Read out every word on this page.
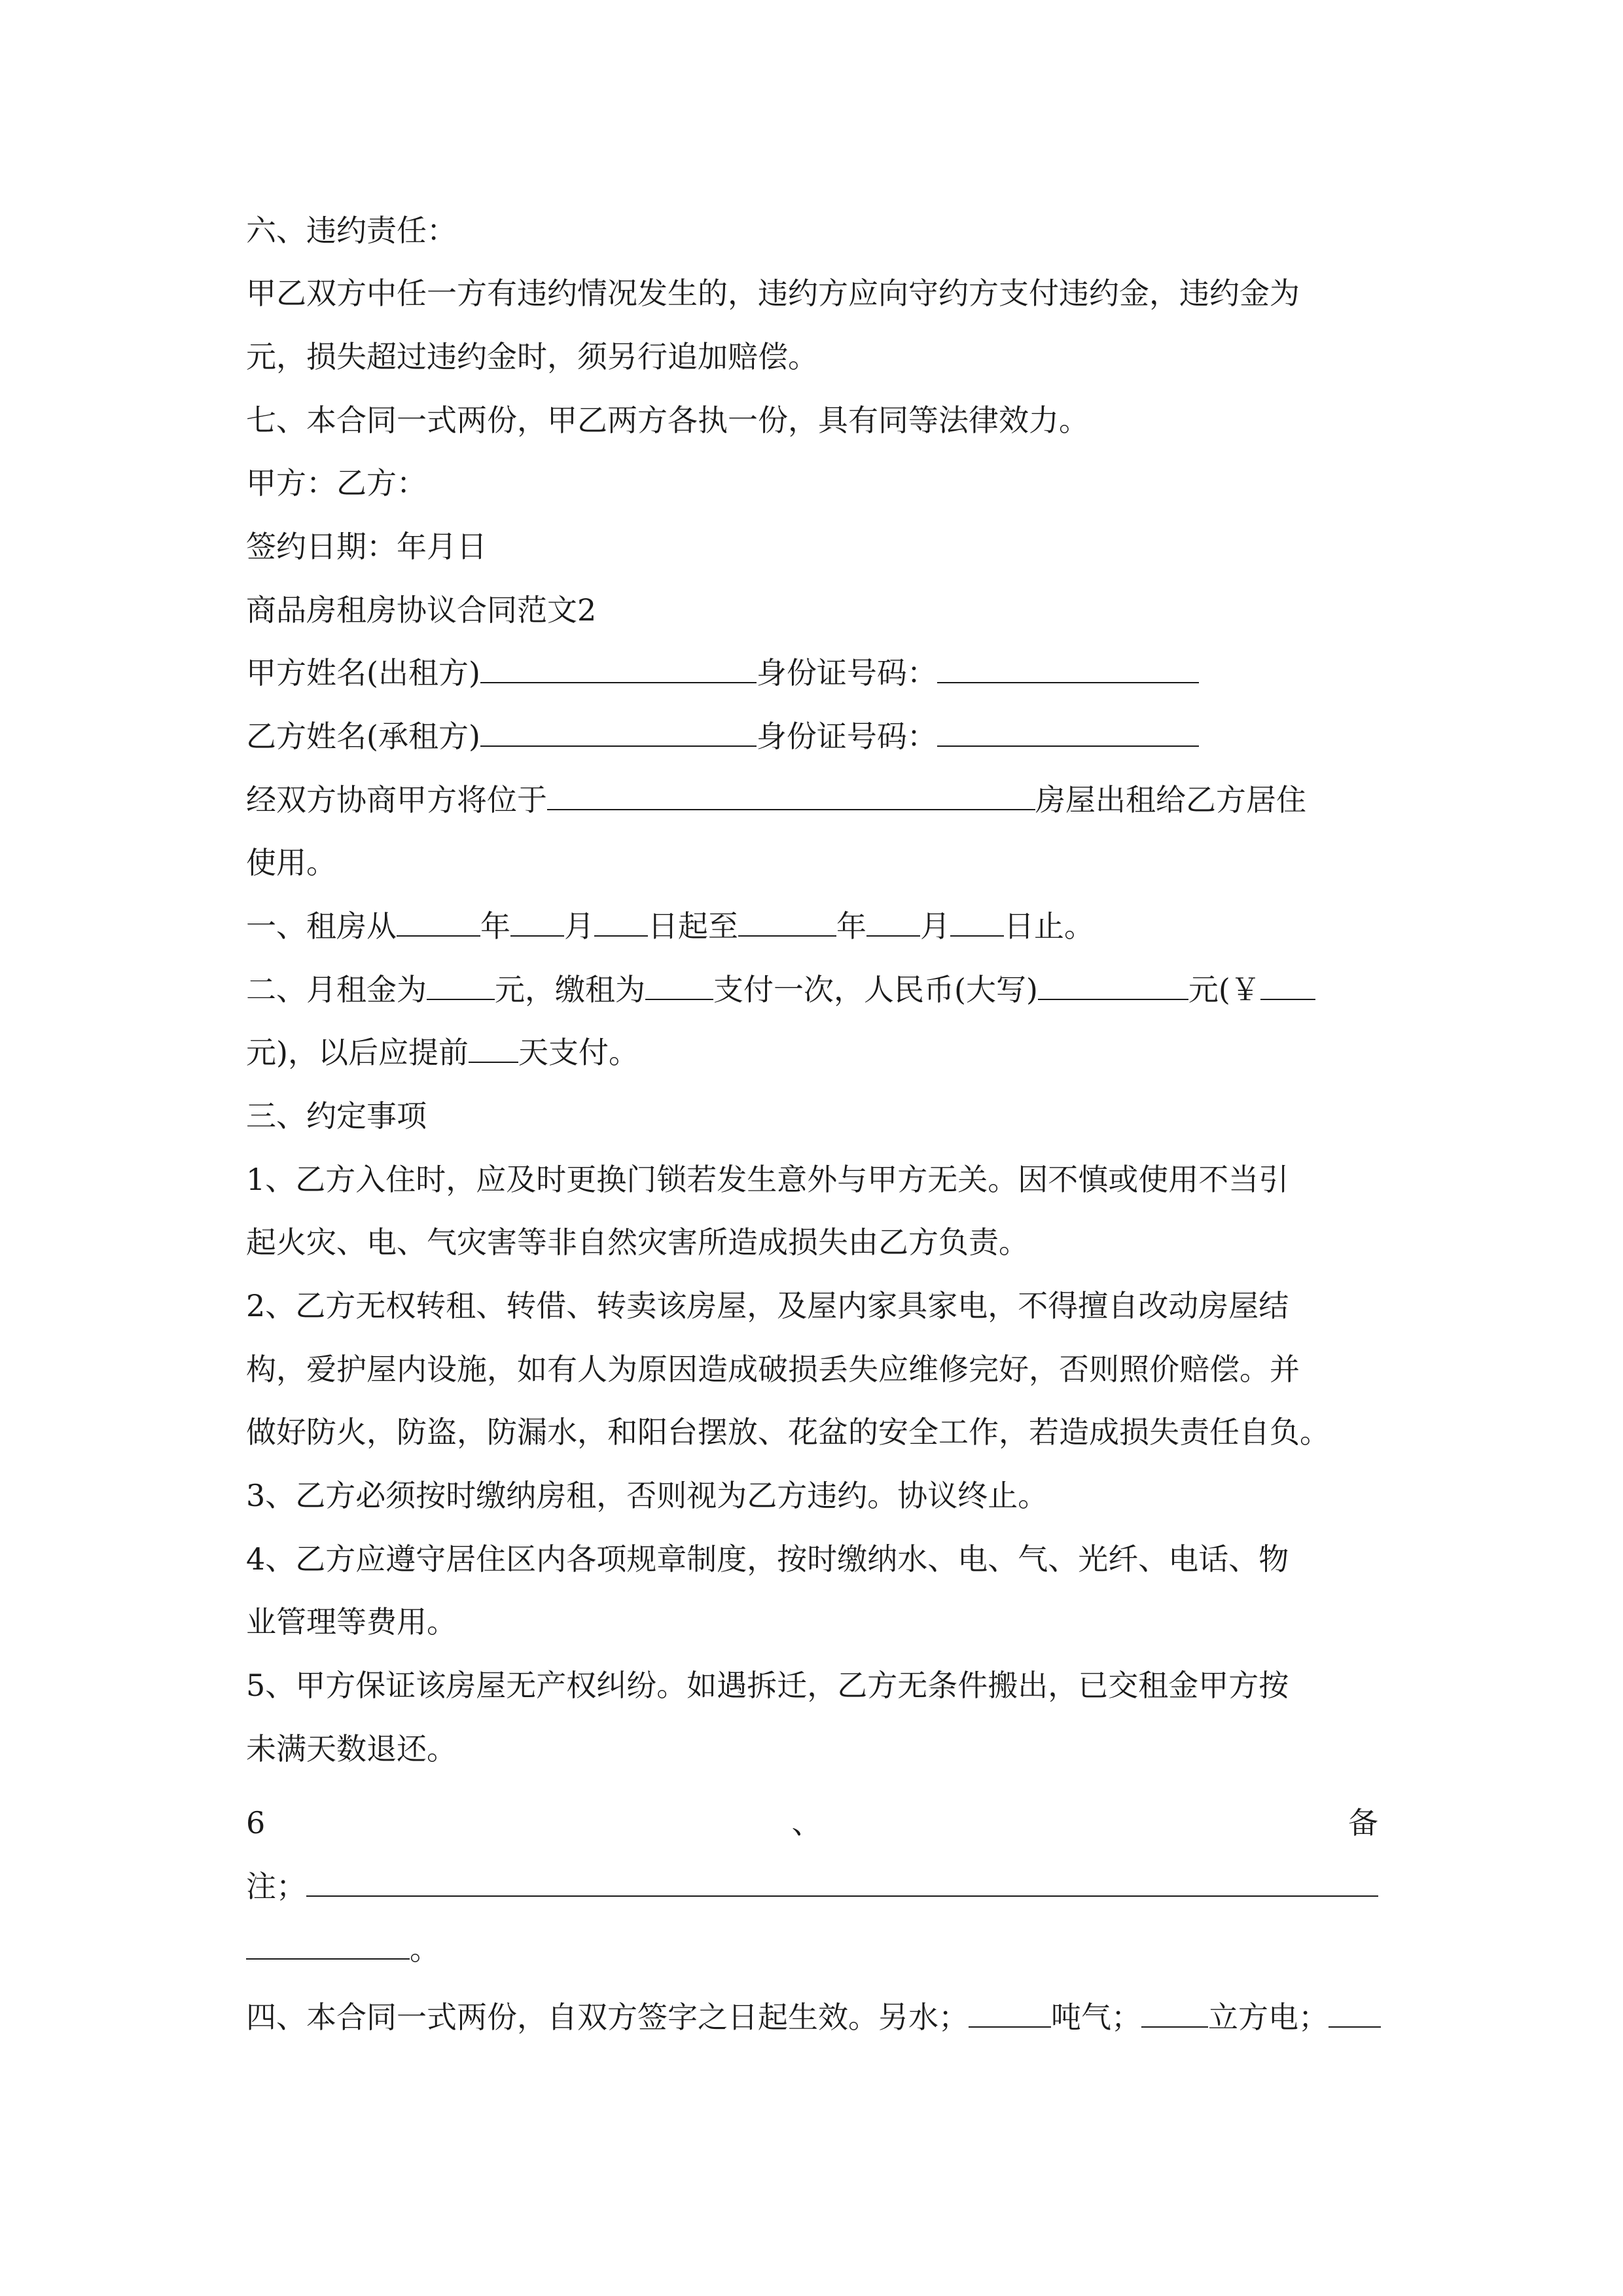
六、违约责任：
甲乙双方中任一方有违约情况发生的，违约方应向守约方支付违约金，违约金为
元，损失超过违约金时，须另行追加赔偿。
七、本合同一式两份，甲乙两方各执一份，具有同等法律效力。
甲方：乙方：
签约日期：年月日
商品房租房协议合同范文2
甲方姓名(出租方)	身份证号码：
乙方姓名(承租方)	身份证号码：
经双方协商甲方将位于	房屋出租给乙方居住
使用。
一、租房从	年 月 日起至	年 月 日止。
二、月租金为 元，缴租为 支付一次，人民币(大写)	元(￥
元)，以后应提前 天支付。
三、约定事项
1、乙方入住时，应及时更换门锁若发生意外与甲方无关。因不慎或使用不当引
起火灾、电、气灾害等非自然灾害所造成损失由乙方负责。
2、乙方无权转租、转借、转卖该房屋，及屋内家具家电，不得擅自改动房屋结
构，爱护屋内设施，如有人为原因造成破损丢失应维修完好，否则照价赔偿。并
做好防火，防盗，防漏水，和阳台摆放、花盆的安全工作，若造成损失责任自负。
3、乙方必须按时缴纳房租，否则视为乙方违约。协议终止。
4、乙方应遵守居住区内各项规章制度，按时缴纳水、电、气、光纤、电话、物
业管理等费用。
5、甲方保证该房屋无产权纠纷。如遇拆迁，乙方无条件搬出，已交租金甲方按
未满天数退还。
6	、	备
注；
。
四、本合同一式两份，自双方签字之日起生效。另水；	吨气； 立方电；
